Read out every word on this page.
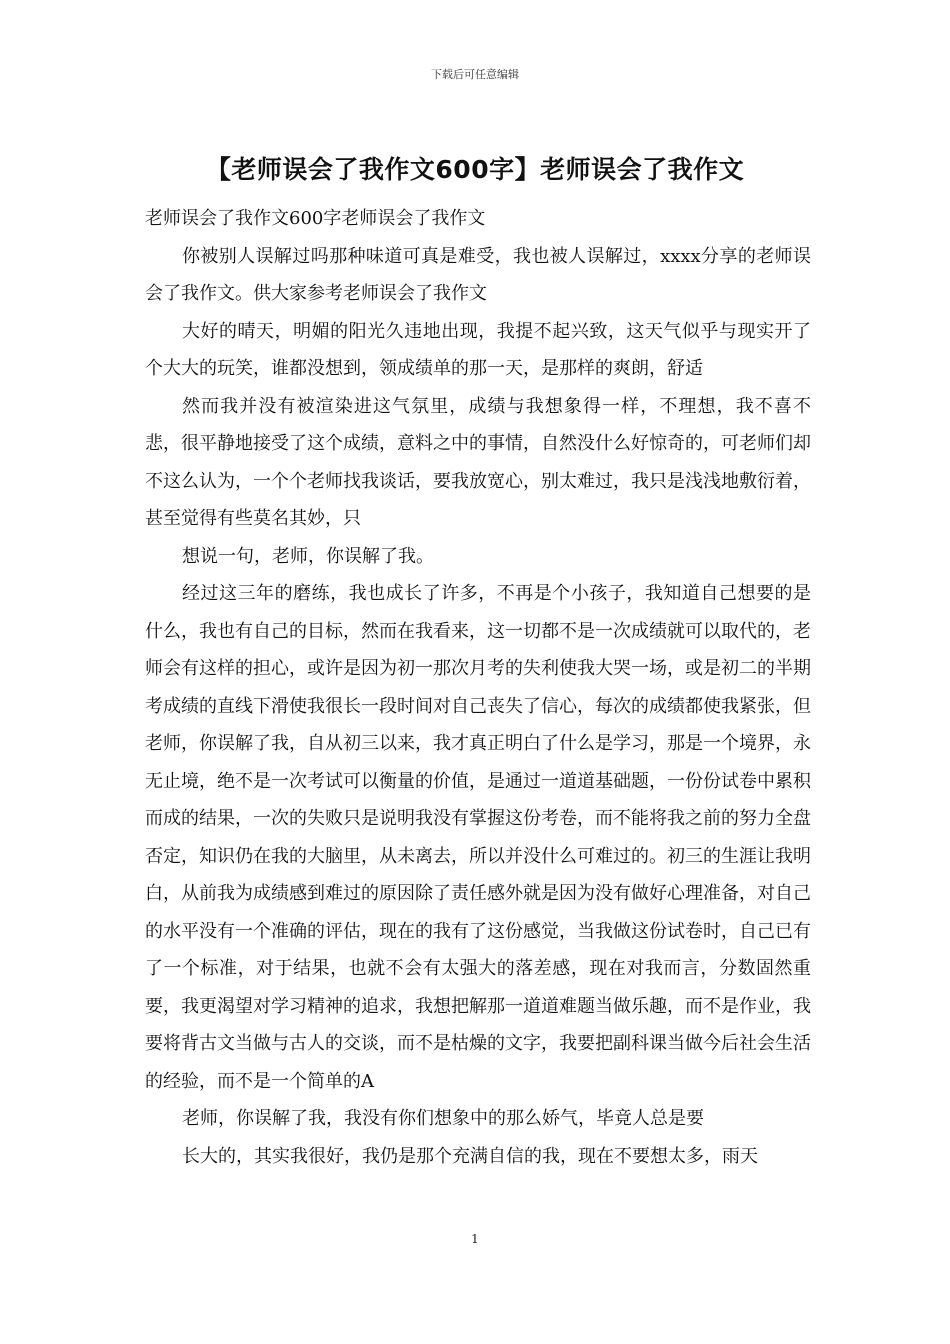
下载后可任意编辑
【老师误会了我作文600字】老师误会了我作文

老师误会了我作文600字老师误会了我作文

你被别人误解过吗那种味道可真是难受，我也被人误解过，xxxx分享的老师误会了我作文。供大家参考老师误会了我作文

大好的晴天，明媚的阳光久违地出现，我提不起兴致，这天气似乎与现实开了个大大的玩笑，谁都没想到，领成绩单的那一天，是那样的爽朗，舒适

然而我并没有被渲染进这气氛里，成绩与我想象得一样，不理想，我不喜不悲，很平静地接受了这个成绩，意料之中的事情，自然没什么好惊奇的，可老师们却不这么认为，一个个老师找我谈话，要我放宽心，别太难过，我只是浅浅地敷衍着，甚至觉得有些莫名其妙，只

想说一句，老师，你误解了我。

经过这三年的磨练，我也成长了许多，不再是个小孩子，我知道自己想要的是什么，我也有自己的目标，然而在我看来，这一切都不是一次成绩就可以取代的，老师会有这样的担心，或许是因为初一那次月考的失利使我大哭一场，或是初二的半期考成绩的直线下滑使我很长一段时间对自己丧失了信心，每次的成绩都使我紧张，但老师，你误解了我，自从初三以来，我才真正明白了什么是学习，那是一个境界，永无止境，绝不是一次考试可以衡量的价值，是通过一道道基础题，一份份试卷中累积而成的结果，一次的失败只是说明我没有掌握这份考卷，而不能将我之前的努力全盘否定，知识仍在我的大脑里，从未离去，所以并没什么可难过的。初三的生涯让我明白，从前我为成绩感到难过的原因除了责任感外就是因为没有做好心理准备，对自己的水平没有一个准确的评估，现在的我有了这份感觉，当我做这份试卷时，自己已有了一个标准，对于结果，也就不会有太强大的落差感，现在对我而言，分数固然重要，我更渴望对学习精神的追求，我想把解那一道道难题当做乐趣，而不是作业，我要将背古文当做与古人的交谈，而不是枯燥的文字，我要把副科课当做今后社会生活的经验，而不是一个简单的A

老师，你误解了我，我没有你们想象中的那么娇气，毕竟人总是要

长大的，其实我很好，我仍是那个充满自信的我，现在不要想太多，雨天

1
